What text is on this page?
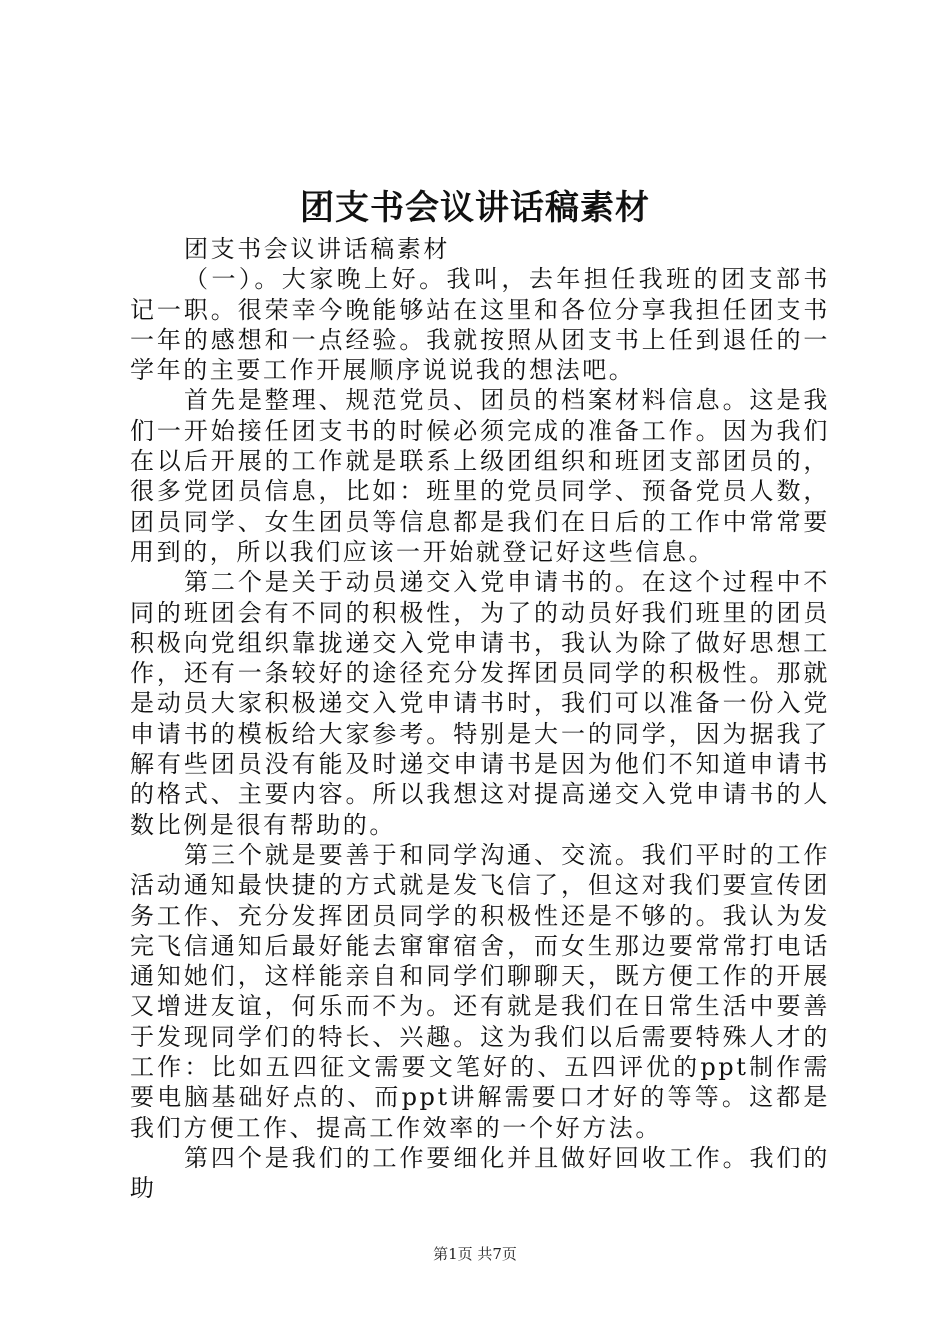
团支书会议讲话稿素材

团支书会议讲话稿素材

（一）。大家晚上好。我叫，去年担任我班的团支部书记一职。很荣幸今晚能够站在这里和各位分享我担任团支书一年的感想和一点经验。我就按照从团支书上任到退任的一学年的主要工作开展顺序说说我的想法吧。

首先是整理、规范党员、团员的档案材料信息。这是我们一开始接任团支书的时候必须完成的准备工作。因为我们在以后开展的工作就是联系上级团组织和班团支部团员的，很多党团员信息，比如：班里的党员同学、预备党员人数，团员同学、女生团员等信息都是我们在日后的工作中常常要用到的，所以我们应该一开始就登记好这些信息。

第二个是关于动员递交入党申请书的。在这个过程中不同的班团会有不同的积极性，为了的动员好我们班里的团员积极向党组织靠拢递交入党申请书，我认为除了做好思想工作，还有一条较好的途径充分发挥团员同学的积极性。那就是动员大家积极递交入党申请书时，我们可以准备一份入党申请书的模板给大家参考。特别是大一的同学，因为据我了解有些团员没有能及时递交申请书是因为他们不知道申请书的格式、主要内容。所以我想这对提高递交入党申请书的人数比例是很有帮助的。

第三个就是要善于和同学沟通、交流。我们平时的工作活动通知最快捷的方式就是发飞信了，但这对我们要宣传团务工作、充分发挥团员同学的积极性还是不够的。我认为发完飞信通知后最好能去窜窜宿舍，而女生那边要常常打电话通知她们，这样能亲自和同学们聊聊天，既方便工作的开展又增进友谊，何乐而不为。还有就是我们在日常生活中要善于发现同学们的特长、兴趣。这为我们以后需要特殊人才的工作：比如五四征文需要文笔好的、五四评优的ppt制作需要电脑基础好点的、而ppt讲解需要口才好的等等。这都是我们方便工作、提高工作效率的一个好方法。

第四个是我们的工作要细化并且做好回收工作。我们的助

第1页 共7页
